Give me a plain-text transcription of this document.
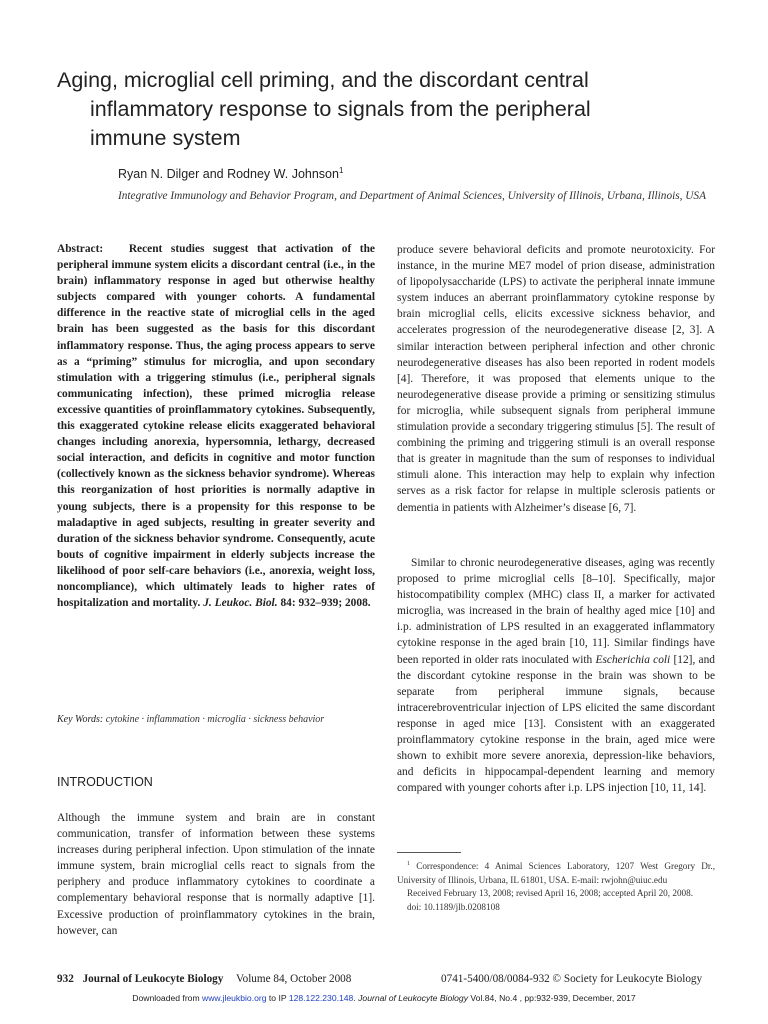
Aging, microglial cell priming, and the discordant central
inflammatory response to signals from the peripheral
immune system
Ryan N. Dilger and Rodney W. Johnson$^1$
Integrative Immunology and Behavior Program, and Department of Animal Sciences, University of Illinois, Urbana, Illinois, USA
Abstract: Recent studies suggest that activation of the peripheral immune system elicits a discordant central (i.e., in the brain) inflammatory response in aged but otherwise healthy subjects compared with younger cohorts. A fundamental difference in the reactive state of microglial cells in the aged brain has been suggested as the basis for this discordant inflammatory response. Thus, the aging process appears to serve as a “priming” stimulus for microglia, and upon secondary stimulation with a triggering stimulus (i.e., peripheral signals communicating infection), these primed microglia release excessive quantities of proinflammatory cytokines. Subsequently, this exaggerated cytokine release elicits exaggerated behavioral changes including anorexia, hypersomnia, lethargy, decreased social interaction, and deficits in cognitive and motor function (collectively known as the sickness behavior syndrome). Whereas this reorganization of host priorities is normally adaptive in young subjects, there is a propensity for this response to be maladaptive in aged subjects, resulting in greater severity and duration of the sickness behavior syndrome. Consequently, acute bouts of cognitive impairment in elderly subjects increase the likelihood of poor self-care behaviors (i.e., anorexia, weight loss, noncompliance), which ultimately leads to higher rates of hospitalization and mortality. J. Leukoc. Biol. 84: 932–939; 2008.
Key Words: cytokine · inflammation · microglia · sickness behavior
INTRODUCTION
Although the immune system and brain are in constant communication, transfer of information between these systems increases during peripheral infection. Upon stimulation of the innate immune system, brain microglial cells react to signals from the periphery and produce inflammatory cytokines to coordinate a complementary behavioral response that is normally adaptive [1]. Excessive production of proinflammatory cytokines in the brain, however, can
produce severe behavioral deficits and promote neurotoxicity. For instance, in the murine ME7 model of prion disease, administration of lipopolysaccharide (LPS) to activate the peripheral innate immune system induces an aberrant proinflammatory cytokine response by brain microglial cells, elicits excessive sickness behavior, and accelerates progression of the neurodegenerative disease [2, 3]. A similar interaction between peripheral infection and other chronic neurodegenerative diseases has also been reported in rodent models [4]. Therefore, it was proposed that elements unique to the neurodegenerative disease provide a priming or sensitizing stimulus for microglia, while subsequent signals from peripheral immune stimulation provide a secondary triggering stimulus [5]. The result of combining the priming and triggering stimuli is an overall response that is greater in magnitude than the sum of responses to individual stimuli alone. This interaction may help to explain why infection serves as a risk factor for relapse in multiple sclerosis patients or dementia in patients with Alzheimer’s disease [6, 7].
Similar to chronic neurodegenerative diseases, aging was recently proposed to prime microglial cells [8–10]. Specifically, major histocompatibility complex (MHC) class II, a marker for activated microglia, was increased in the brain of healthy aged mice [10] and i.p. administration of LPS resulted in an exaggerated inflammatory cytokine response in the aged brain [10, 11]. Similar findings have been reported in older rats inoculated with Escherichia coli [12], and the discordant cytokine response in the brain was shown to be separate from peripheral immune signals, because intracerebroventricular injection of LPS elicited the same discordant response in aged mice [13]. Consistent with an exaggerated proinflammatory cytokine response in the brain, aged mice were shown to exhibit more severe anorexia, depression-like behaviors, and deficits in hippocampal-dependent learning and memory compared with younger cohorts after i.p. LPS injection [10, 11, 14].

$^1$ Correspondence: 4 Animal Sciences Laboratory, 1207 West Gregory Dr., University of Illinois, Urbana, IL 61801, USA. E-mail: rwjohn@uiuc.edu

Received February 13, 2008; revised April 16, 2008; accepted April 20, 2008.

doi: 10.1189/jlb.0208108

932 Journal of Leukocyte Biology Volume 84, October 2008	0741-5400/08/0084-932 © Society for Leukocyte Biology
Downloaded from www.jleukbio.org to IP 128.122.230.148. Journal of Leukocyte Biology Vol.84, No.4 , pp:932-939, December, 2017
